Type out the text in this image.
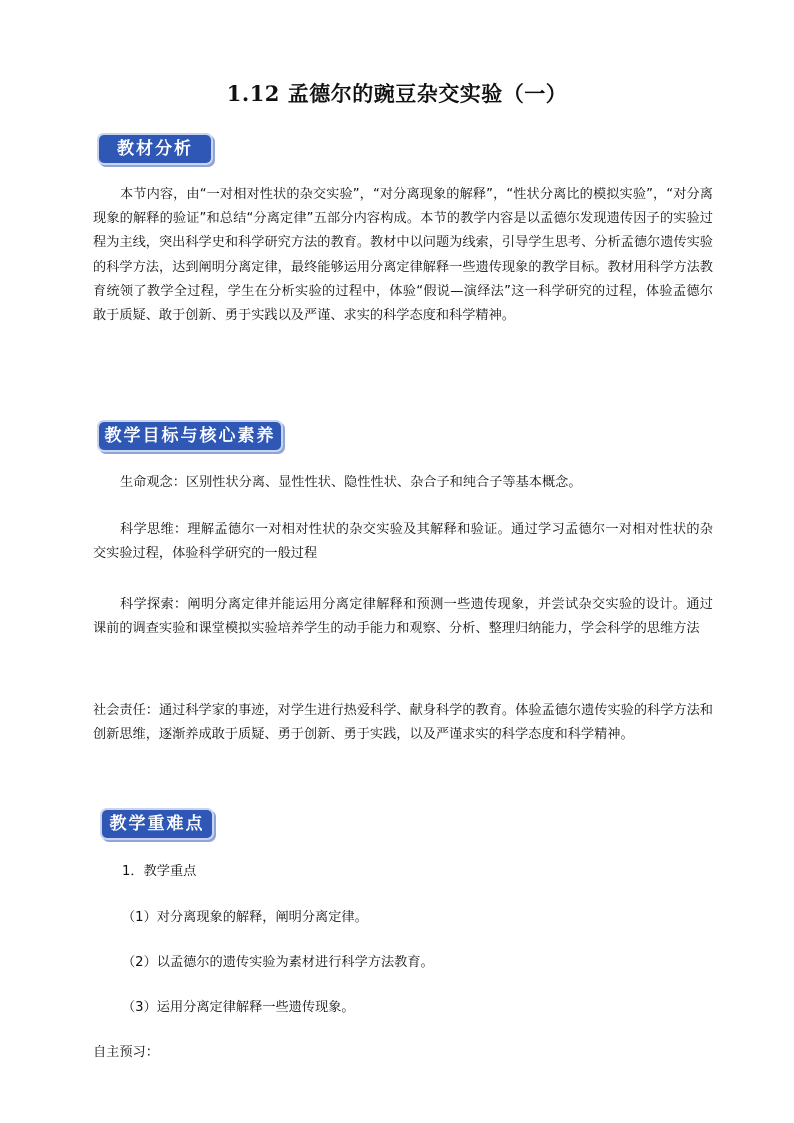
1.12 孟德尔的豌豆杂交实验（一）
教材分析
本节内容，由“一对相对性状的杂交实验”，“对分离现象的解释”，“性状分离比的模拟实验”，“对分离现象的解释的验证”和总结“分离定律”五部分内容构成。本节的教学内容是以孟德尔发现遗传因子的实验过程为主线，突出科学史和科学研究方法的教育。教材中以问题为线索，引导学生思考、分析孟德尔遗传实验的科学方法，达到阐明分离定律，最终能够运用分离定律解释一些遗传现象的教学目标。教材用科学方法教育统领了教学全过程，学生在分析实验的过程中，体验“假说—演绎法”这一科学研究的过程，体验孟德尔敢于质疑、敢于创新、勇于实践以及严谨、求实的科学态度和科学精神。
教学目标与核心素养
生命观念：区别性状分离、显性性状、隐性性状、杂合子和纯合子等基本概念。
科学思维：理解孟德尔一对相对性状的杂交实验及其解释和验证。通过学习孟德尔一对相对性状的杂交实验过程，体验科学研究的一般过程
科学探索：阐明分离定律并能运用分离定律解释和预测一些遗传现象，并尝试杂交实验的设计。通过课前的调查实验和课堂模拟实验培养学生的动手能力和观察、分析、整理归纳能力，学会科学的思维方法
社会责任：通过科学家的事迹，对学生进行热爱科学、献身科学的教育。体验孟德尔遗传实验的科学方法和创新思维，逐渐养成敢于质疑、勇于创新、勇于实践，以及严谨求实的科学态度和科学精神。
教学重难点
1．教学重点
（1）对分离现象的解释，阐明分离定律。
（2）以孟德尔的遗传实验为素材进行科学方法教育。
（3）运用分离定律解释一些遗传现象。
自主预习：
